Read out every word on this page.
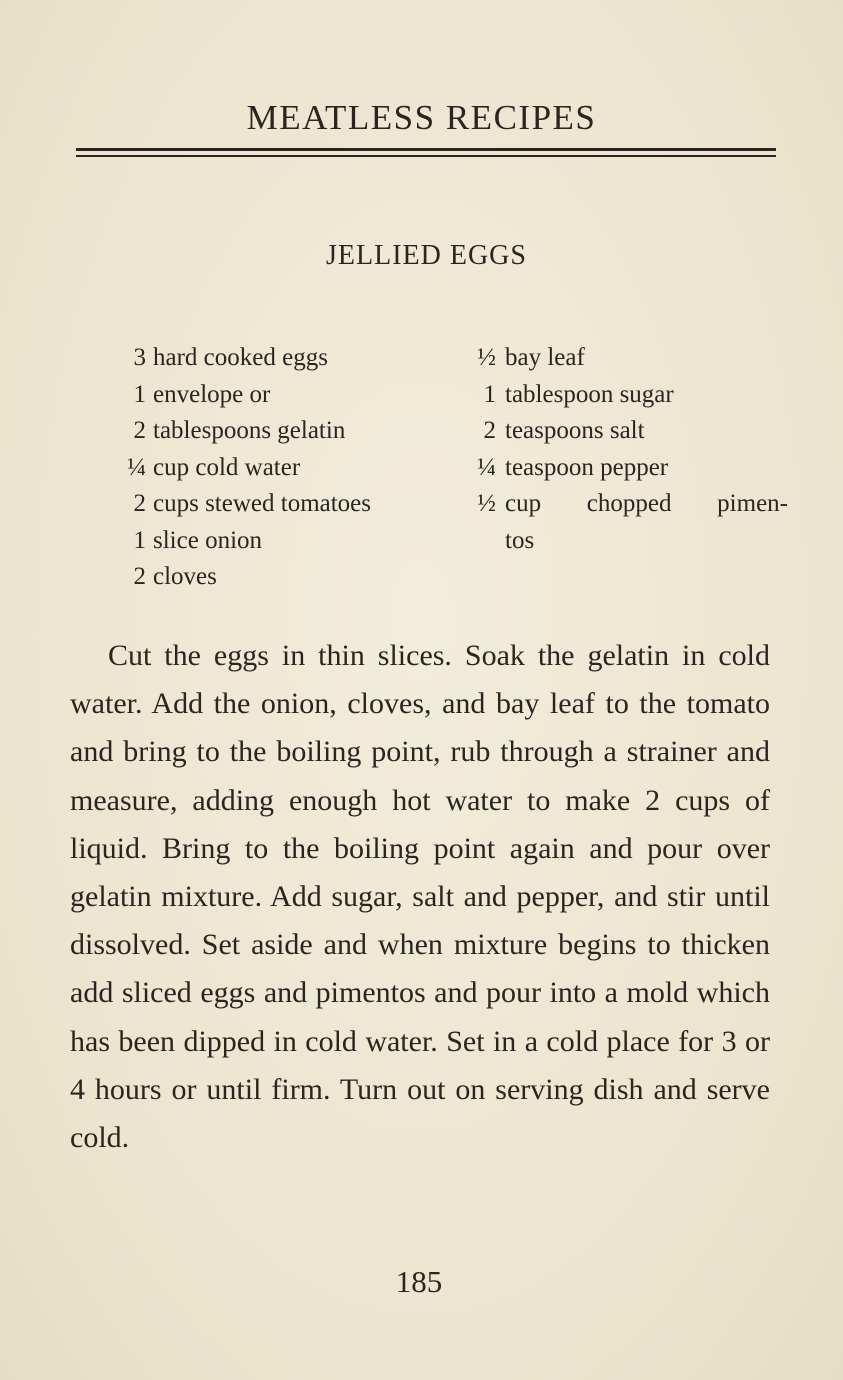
MEATLESS RECIPES
JELLIED EGGS
3 hard cooked eggs
1 envelope or
2 tablespoons gelatin
¼ cup cold water
2 cups stewed tomatoes
1 slice onion
2 cloves
½ bay leaf
1 tablespoon sugar
2 teaspoons salt
¼ teaspoon pepper
½ cup chopped pimen-
tos

Cut the eggs in thin slices. Soak the gelatin in cold water. Add the onion, cloves, and bay leaf to the tomato and bring to the boiling point, rub through a strainer and measure, adding enough hot water to make 2 cups of liquid. Bring to the boiling point again and pour over gelatin mixture. Add sugar, salt and pepper, and stir until dissolved. Set aside and when mixture begins to thicken add sliced eggs and pimentos and pour into a mold which has been dipped in cold water. Set in a cold place for 3 or 4 hours or until firm. Turn out on serving dish and serve cold.

185
